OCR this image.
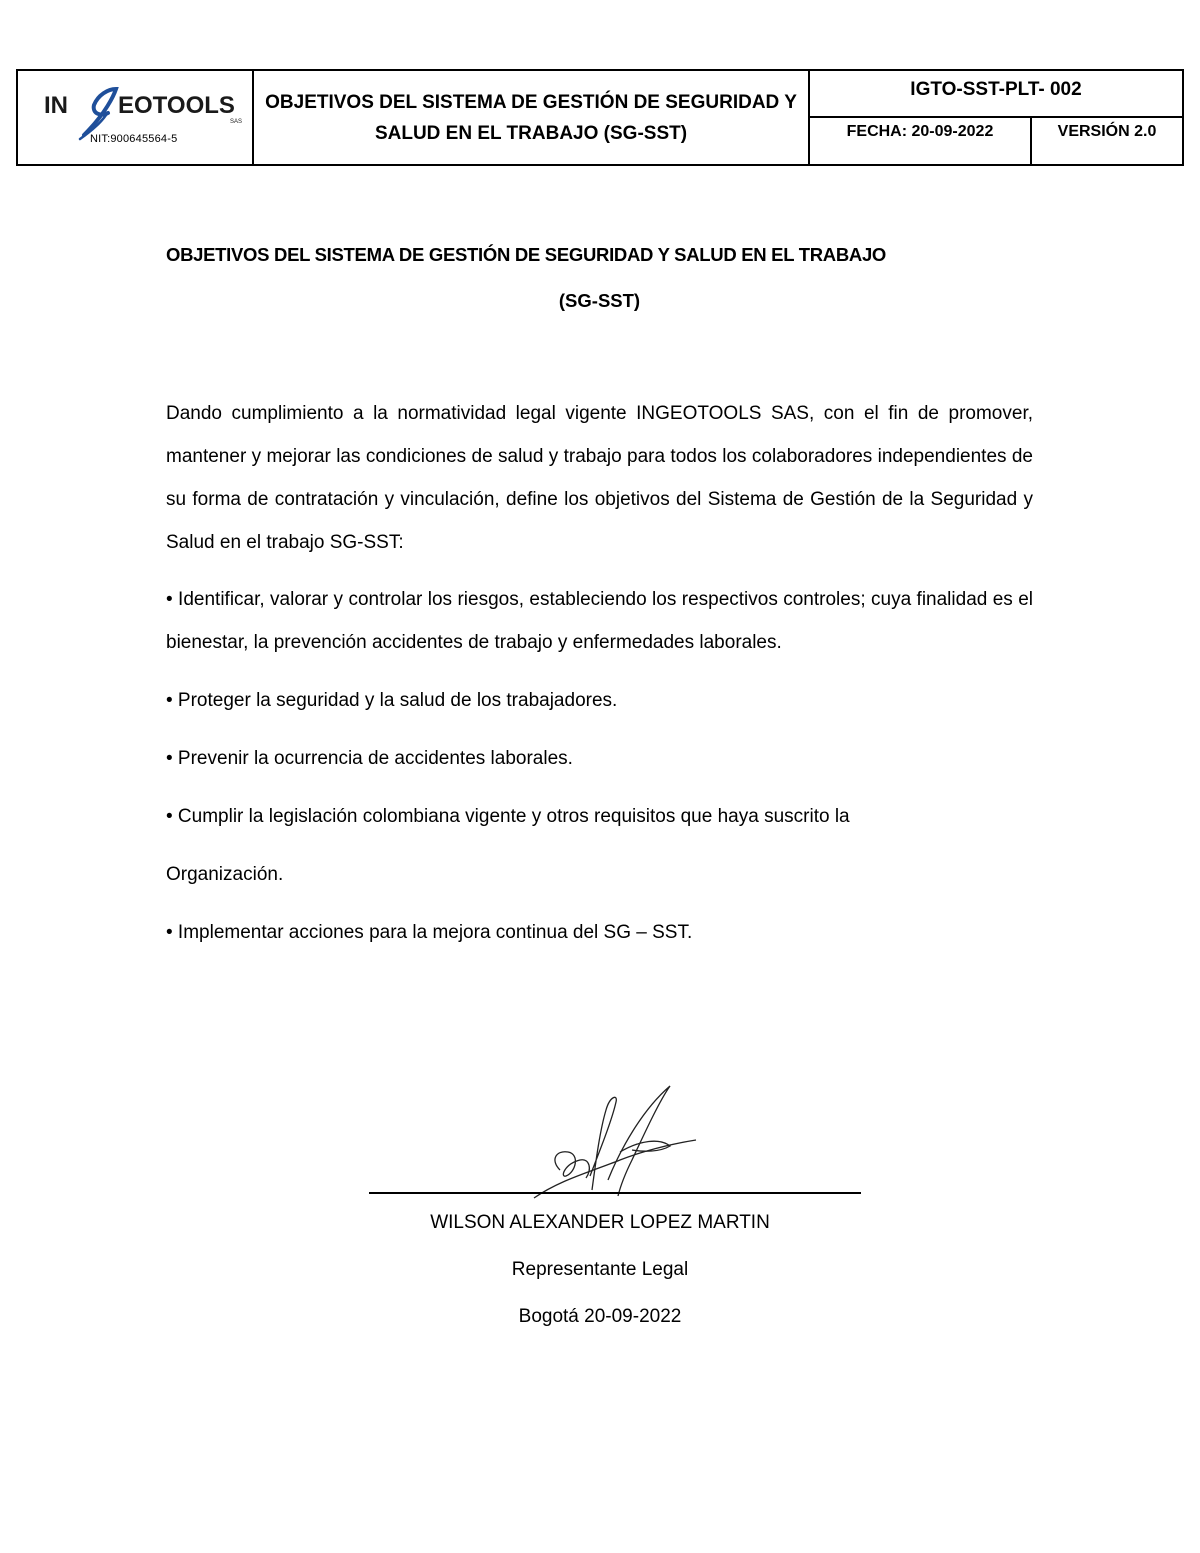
IN EOTOOLS
SAS
NIT:900645564-5
OBJETIVOS DEL SISTEMA DE GESTIÓN DE SEGURIDAD Y
SALUD EN EL TRABAJO (SG-SST)
IGTO-SST-PLT- 002
FECHA: 20-09-2022	VERSIÓN 2.0
OBJETIVOS DEL SISTEMA DE GESTIÓN DE SEGURIDAD Y SALUD EN EL TRABAJO
(SG-SST)

Dando cumplimiento a la normatividad legal vigente INGEOTOOLS SAS, con el fin de promover, mantener y mejorar las condiciones de salud y trabajo para todos los colaboradores independientes de su forma de contratación y vinculación, define los objetivos del Sistema de Gestión de la Seguridad y Salud en el trabajo SG-SST:

• Identificar, valorar y controlar los riesgos, estableciendo los respectivos controles; cuya finalidad es el bienestar, la prevención accidentes de trabajo y enfermedades laborales.
• Proteger la seguridad y la salud de los trabajadores.
• Prevenir la ocurrencia de accidentes laborales.
• Cumplir la legislación colombiana vigente y otros requisitos que haya suscrito la
Organización.
• Implementar acciones para la mejora continua del SG – SST.
WILSON ALEXANDER LOPEZ MARTIN
Representante Legal
Bogotá 20-09-2022
